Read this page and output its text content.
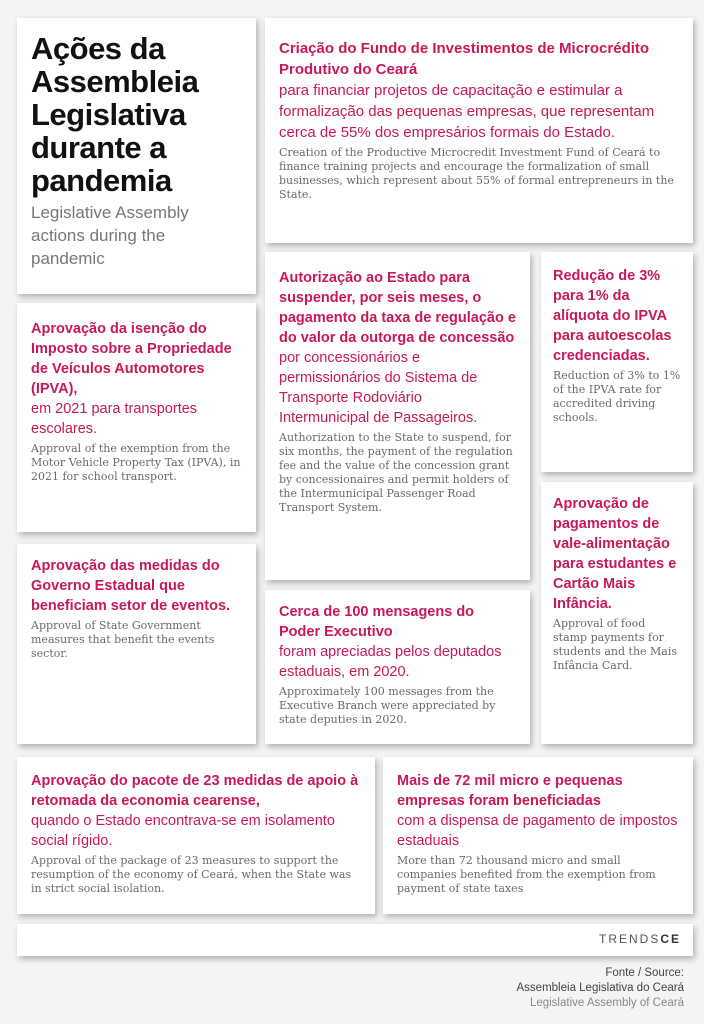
Ações da Assembleia Legislativa durante a pandemia
Legislative Assembly actions during the pandemic
Criação do Fundo de Investimentos de Microcrédito Produtivo do Ceará
para financiar projetos de capacitação e estimular a formalização das pequenas empresas, que representam cerca de 55% dos empresários formais do Estado.
Creation of the Productive Microcredit Investment Fund of Ceará to finance training projects and encourage the formalization of small businesses, which represent about 55% of formal entrepreneurs in the State.
Aprovação da isenção do Imposto sobre a Propriedade de Veículos Automotores (IPVA),
em 2021 para transportes escolares.
Approval of the exemption from the Motor Vehicle Property Tax (IPVA), in 2021 for school transport.
Autorização ao Estado para suspender, por seis meses, o pagamento da taxa de regulação e do valor da outorga de concessão
por concessionários e permissionários do Sistema de Transporte Rodoviário Intermunicipal de Passageiros.
Authorization to the State to suspend, for six months, the payment of the regulation fee and the value of the concession grant by concessionaires and permit holders of the Intermunicipal Passenger Road Transport System.
Redução de 3% para 1% da alíquota do IPVA para autoescolas credenciadas.
Reduction of 3% to 1% of the IPVA rate for accredited driving schools.
Aprovação das medidas do Governo Estadual que beneficiam setor de eventos.
Approval of State Government measures that benefit the events sector.
Cerca de 100 mensagens do Poder Executivo
foram apreciadas pelos deputados estaduais, em 2020.
Approximately 100 messages from the Executive Branch were appreciated by state deputies in 2020.
Aprovação de pagamentos de vale-alimentação para estudantes e Cartão Mais Infância.
Approval of food stamp payments for students and the Mais Infância Card.
Aprovação do pacote de 23 medidas de apoio à retomada da economia cearense,
quando o Estado encontrava-se em isolamento social rígido.
Approval of the package of 23 measures to support the resumption of the economy of Ceará, when the State was in strict social isolation.
Mais de 72 mil micro e pequenas empresas foram beneficiadas
com a dispensa de pagamento de impostos estaduais
More than 72 thousand micro and small companies benefited from the exemption from payment of state taxes
TRENDSCE
Fonte / Source:
Assembleia Legislativa do Ceará
Legislative Assembly of Ceará
